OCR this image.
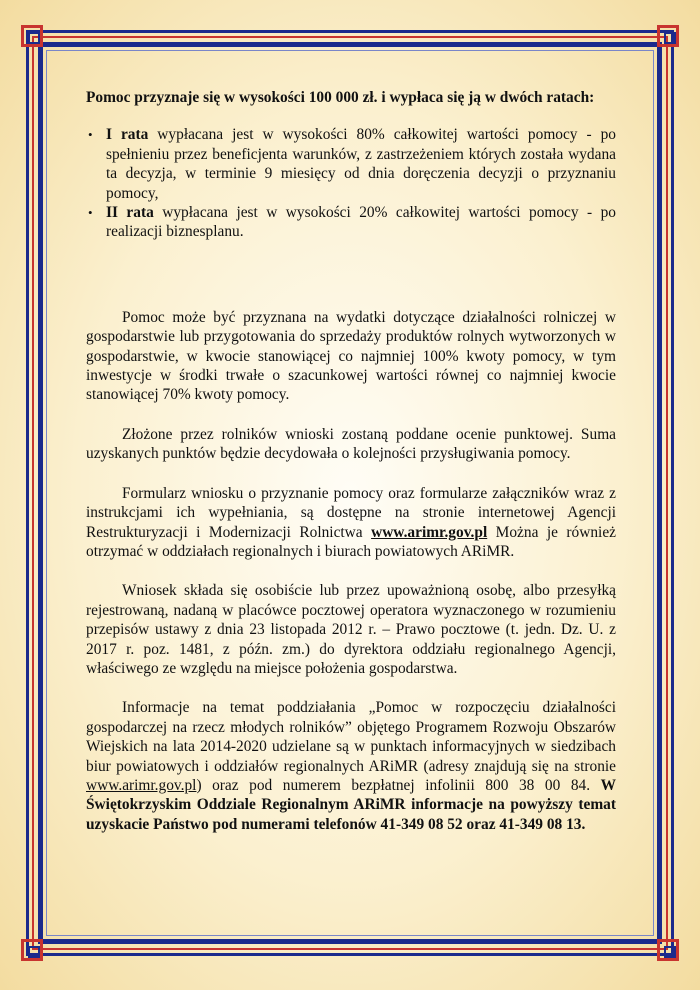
Pomoc przyznaje się w wysokości 100 000 zł. i wypłaca się ją w dwóch ratach:

• I rata wypłacana jest w wysokości 80% całkowitej wartości pomocy - po spełnieniu przez beneficjenta warunków, z zastrzeżeniem których została wydana ta decyzja, w terminie 9 miesięcy od dnia doręczenia decyzji o przyznaniu pomocy,
• II rata wypłacana jest w wysokości 20% całkowitej wartości pomocy - po realizacji biznesplanu.

Pomoc może być przyznana na wydatki dotyczące działalności rolniczej w gospodarstwie lub przygotowania do sprzedaży produktów rolnych wytworzonych w gospodarstwie, w kwocie stanowiącej co najmniej 100% kwoty pomocy, w tym inwestycje w środki trwałe o szacunkowej wartości równej co najmniej kwocie stanowiącej 70% kwoty pomocy.

Złożone przez rolników wnioski zostaną poddane ocenie punktowej. Suma uzyskanych punktów będzie decydowała o kolejności przysługiwania pomocy.

Formularz wniosku o przyznanie pomocy oraz formularze załączników wraz z instrukcjami ich wypełniania, są dostępne na stronie internetowej Agencji Restrukturyzacji i Modernizacji Rolnictwa www.arimr.gov.pl Można je również otrzymać w oddziałach regionalnych i biurach powiatowych ARiMR.

Wniosek składa się osobiście lub przez upoważnioną osobę, albo przesyłką rejestrowaną, nadaną w placówce pocztowej operatora wyznaczonego w rozumieniu przepisów ustawy z dnia 23 listopada 2012 r. – Prawo pocztowe (t. jedn. Dz. U. z 2017 r. poz. 1481, z późn. zm.) do dyrektora oddziału regionalnego Agencji, właściwego ze względu na miejsce położenia gospodarstwa.

Informacje na temat poddziałania „Pomoc w rozpoczęciu działalności gospodarczej na rzecz młodych rolników” objętego Programem Rozwoju Obszarów Wiejskich na lata 2014-2020 udzielane są w punktach informacyjnych w siedzibach biur powiatowych i oddziałów regionalnych ARiMR (adresy znajdują się na stronie www.arimr.gov.pl) oraz pod numerem bezpłatnej infolinii 800 38 00 84. W Świętokrzyskim Oddziale Regionalnym ARiMR informacje na powyższy temat uzyskacie Państwo pod numerami telefonów 41-349 08 52 oraz 41-349 08 13.
